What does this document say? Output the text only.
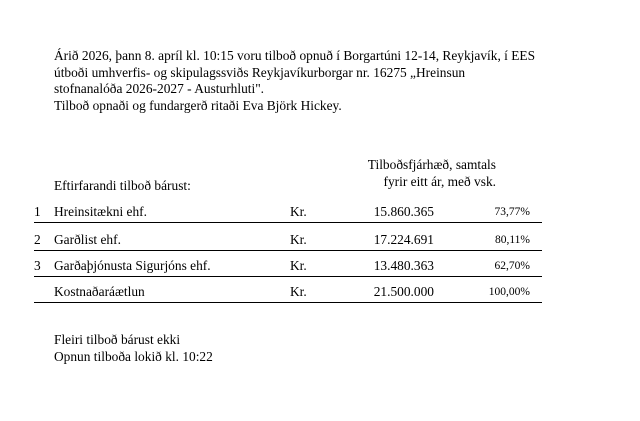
Árið 2026, þann 8. apríl kl. 10:15 voru tilboð opnuð í Borgartúni 12-14, Reykjavík, í EES

útboði umhverfis- og skipulagssviðs Reykjavíkurborgar nr. 16275 „Hreinsun

stofnanalóða 2026-2027 - Austurhluti".

Tilboð opnaði og fundargerð ritaði Eva Björk Hickey.

Tilboðsfjárhæð, samtals
fyrir eitt ár, með vsk.
Eftirfarandi tilboð bárust:
1 Hreinsitækni ehf.	Kr.	15.860.365	73,77%
2 Garðlist ehf.	Kr.	17.224.691	80,11%
3 Garðaþjónusta Sigurjóns ehf.	Kr.	13.480.363	62,70%
Kostnaðaráætlun	Kr.	21.500.000	100,00%

Fleiri tilboð bárust ekki

Opnun tilboða lokið kl. 10:22
